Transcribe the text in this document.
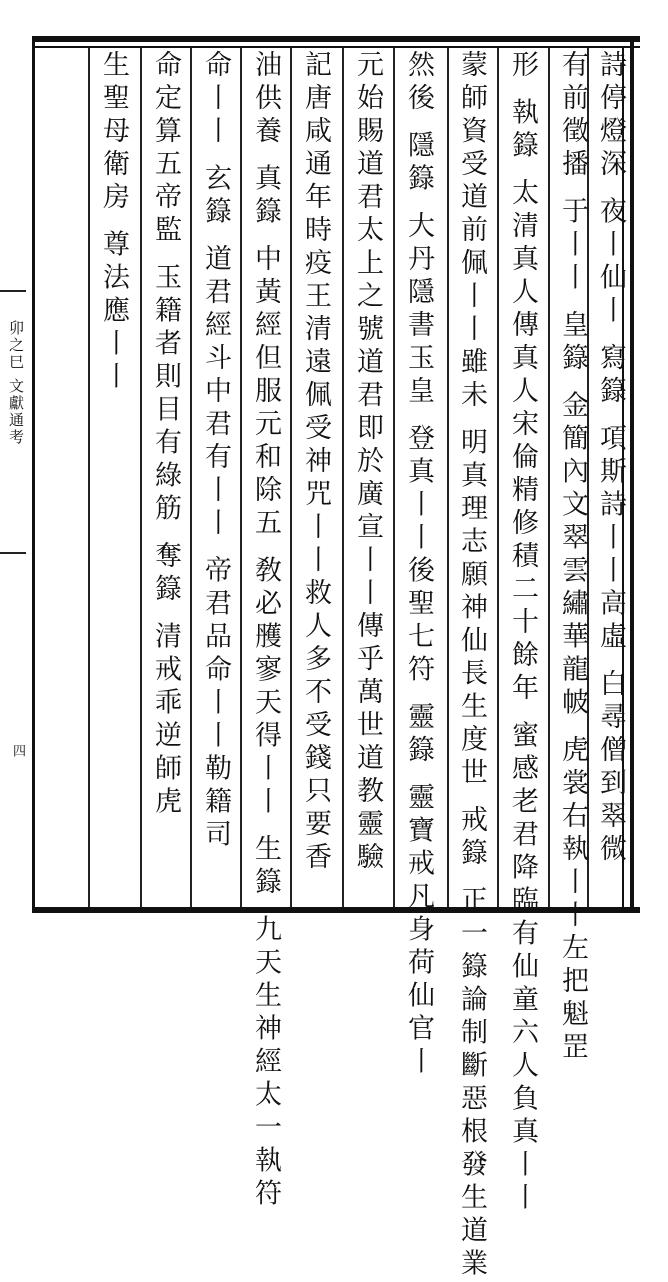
詩停燈深 夜丨仙丨 寫籙 項斯詩丨丨高虛 白尋僧到翠微
有前徵播 于丨丨 皇籙 金簡內文翠雲繡華龍帔 虎裳右執丨丨左把魁罡
形 執籙 太清真人傳真人宋倫精修積二十餘年 蜜感老君降臨有仙童六人負真丨丨
蒙師資受道前佩丨丨雖未 明真理志願神仙長生度世 戒籙 正一籙論制斷惡根發生道業
然後 隱籙 大丹隱書玉皇 登真丨丨後聖七符 靈籙 靈寶戒凡身荷仙官丨
元始賜道君太上之號道君即於廣宣丨丨傳乎萬世道教靈驗
記唐咸通年時疫王清遠佩受神咒丨丨救人多不受錢只要香
油供養 真籙 中黃經但服元和除五 敎必雘寥天得丨丨 生籙 九天生神經太一執符
命丨丨 玄籙 道君經斗中君有丨丨 帝君品命丨丨勒籍司
命定算五帝監 玉籍者則目有綠筋 奪籙 清戒乖逆師虎
生聖母衛房 尊法應丨丨
卯之巳 文獻通考
四
